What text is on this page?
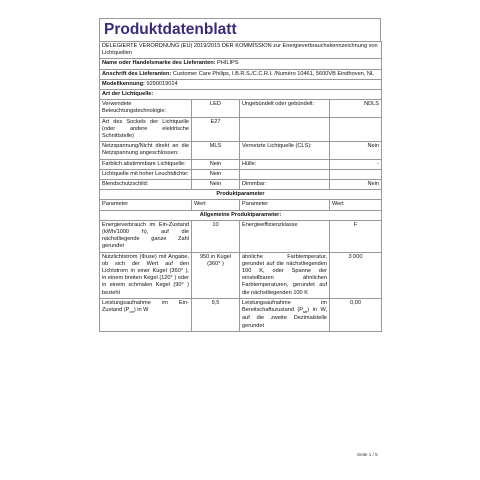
Produktdatenblatt
DELEGIERTE VERORDNUNG (EU) 2019/2015 DER KOMMISSION zur Energieverbrauchskennzeichnung von Lichtquellen			
Name oder Handelsmarke des Lieferanten: PHILIPS			
Anschrift des Lieferanten: Customer Care Philips, I.B.R.S./C.C.R.I. /Numéro 10461, 5600VB Eindhoven, NL			
Modellkennung: 9290019014			
Art der Lichtquelle:			
Verwendete Beleuchtungstechnologie:	LED	Ungebündelt oder gebündelt:	NDLS
Art des Sockels der Lichtquelle (oder andere elektrische Schnittstelle)	E27		
Netzspannung/Nicht direkt an die Netzspannung angeschlossen:	MLS	Vernetzte Lichtquelle (CLS):	Nein
Farblich abstimmbare Lichtquelle:	Nein	Hülle:	-
Lichtquelle mit hoher Leuchtdichte:	Nein		
Blendschutzschild:	Nein	Dimmbar:	Nein
Produktparameter			
Parameter	Wert	Parameter	Wert
Allgemeine Produktparameter:			
Energieverbrauch im Ein-Zustand (kWh/1000 h), auf die nächstliegende ganze Zahl gerundet	10	Energieeffizienzklasse	F
Nutzlichtstrom (Φuse) mit Angabe, ob sich der Wert auf den Lichtstrom in einer Kugel (360° ), in einem breiten Kegel (120° ) oder in einem schmalen Kegel (90° ) bezieht	950 in Kugel (360° )	ähnliche Farbtemperatur, gerundet auf die nächstliegenden 100 K, oder Spanne der einstellbaren ähnlichen Farbtemperaturen, gerundet auf die nächstliegenden 100 K	3 000
Leistungsaufnahme im Ein-Zustand $(P_{on})$ in W	9,5	Leistungsaufnahme im Bereitschaftszustand $(P_{sb})$ in W, auf die zweite Dezimalstelle gerundet	0,00
Seite 1 / 5
